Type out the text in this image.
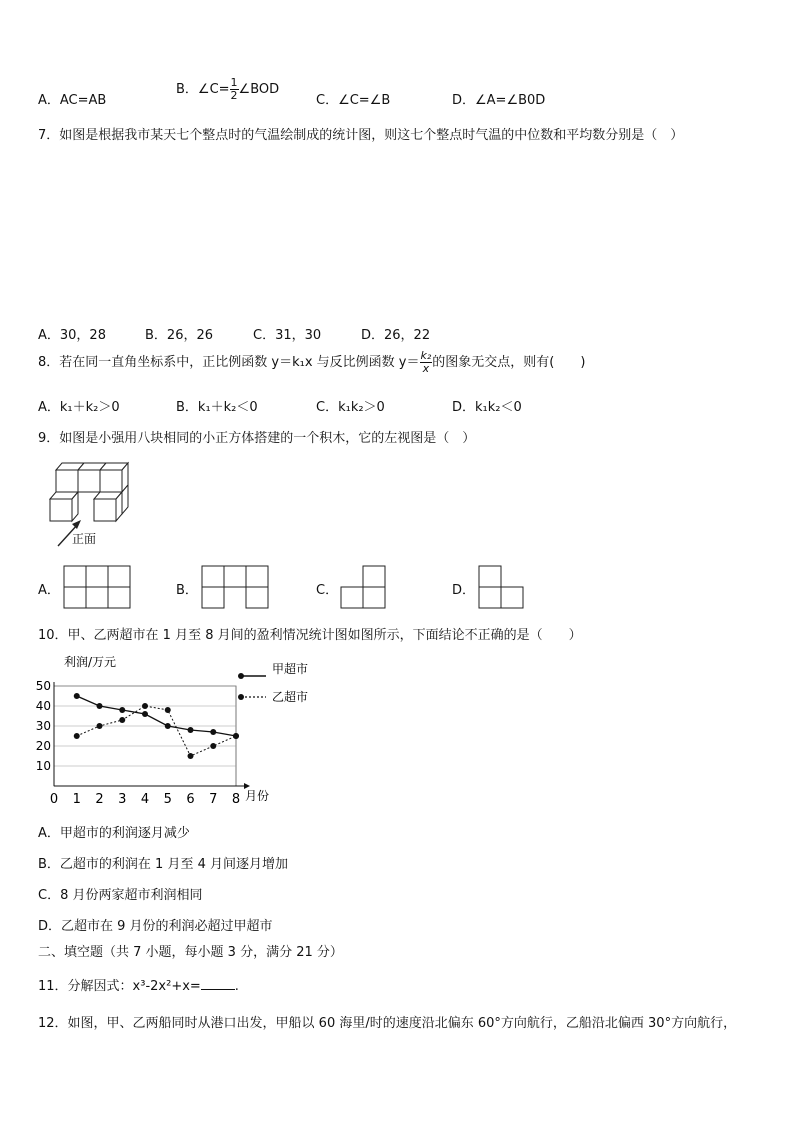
A．AC=AB
B．∠C= $\frac{1}{2}$ ∠BOD
C．∠C=∠B	D．∠A=∠B0D
7．如图是根据我市某天七个整点时的气温绘制成的统计图，则这七个整点时气温的中位数和平均数分别是（　）
A．30，28	B．26，26	C．31，30	D．26，22
8．若在同一直角坐标系中，正比例函数 y＝k₁x 与反比例函数 $y= \frac{\text{k₂}}{x}$ 的图象无交点，则有(　　)
A．k₁＋k₂＞0	B．k₁＋k₂＜0	C．k₁k₂＞0	D．k₁k₂＜0
9．如图是小强用八块相同的小正方体搭建的一个积木，它的左视图是（　）
正面
A．	B．	C．	D．
10．甲、乙两超市在 1 月至 8 月间的盈利情况统计图如图所示，下面结论不正确的是（　　）
10
20
30
40
50
0 1 2 3 4 5 6 7 8
利润/万元
月份
甲超市
乙超市
A．甲超市的利润逐月减少
B．乙超市的利润在 1 月至 4 月间逐月增加
C．8 月份两家超市利润相同
D．乙超市在 9 月份的利润必超过甲超市
二、填空题（共 7 小题，每小题 3 分，满分 21 分）
11．分解因式：x³-2x²+x=	.
12．如图，甲、乙两船同时从港口出发，甲船以 60 海里/时的速度沿北偏东 60°方向航行，乙船沿北偏西 30°方向航行，
